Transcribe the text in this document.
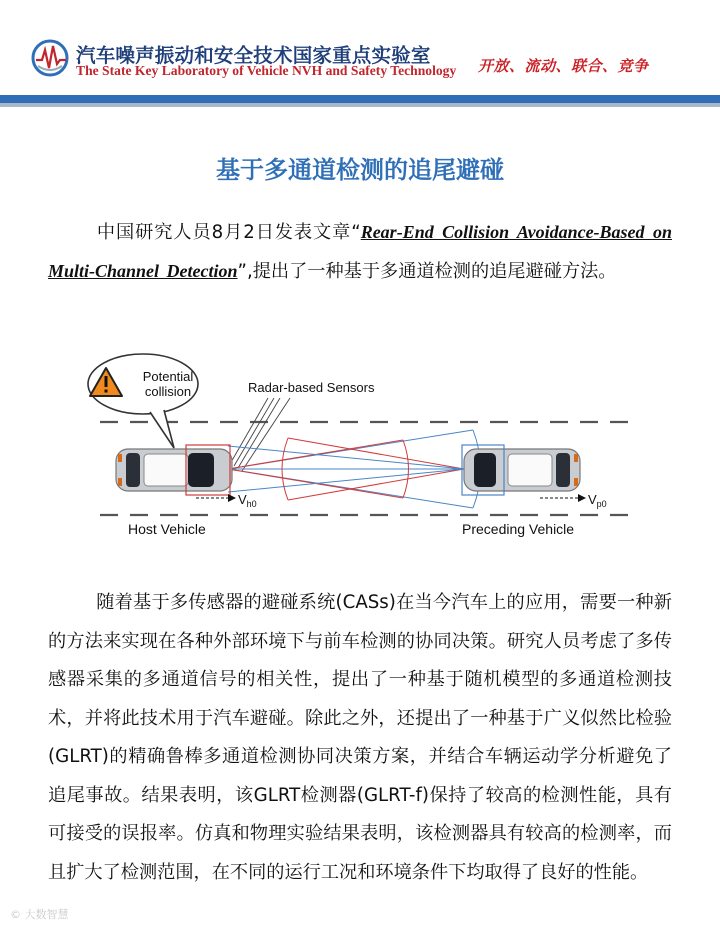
汽车噪声振动和安全技术国家重点实验室
The State Key Laboratory of Vehicle NVH and Safety Technology 开放、流动、联合、竞争
基于多通道检测的追尾避碰
中国研究人员8月2日发表文章“Rear-End Collision Avoidance-Based on Multi-Channel Detection”,提出了一种基于多通道检测的追尾避碰方法。
Potential
collision	Radar-based Sensors
$V_{h0}$	$V_{p0}$
Host Vehicle	Preceding Vehicle
随着基于多传感器的避碰系统(CASs)在当今汽车上的应用，需要一种新的方法来实现在各种外部环境下与前车检测的协同决策。研究人员考虑了多传感器采集的多通道信号的相关性，提出了一种基于随机模型的多通道检测技术，并将此技术用于汽车避碰。除此之外，还提出了一种基于广义似然比检验(GLRT)的精确鲁棒多通道检测协同决策方案，并结合车辆运动学分析避免了追尾事故。结果表明，该GLRT检测器(GLRT-f)保持了较高的检测性能，具有可接受的误报率。仿真和物理实验结果表明，该检测器具有较高的检测率，而且扩大了检测范围，在不同的运行工况和环境条件下均取得了良好的性能。
© 大数智慧
